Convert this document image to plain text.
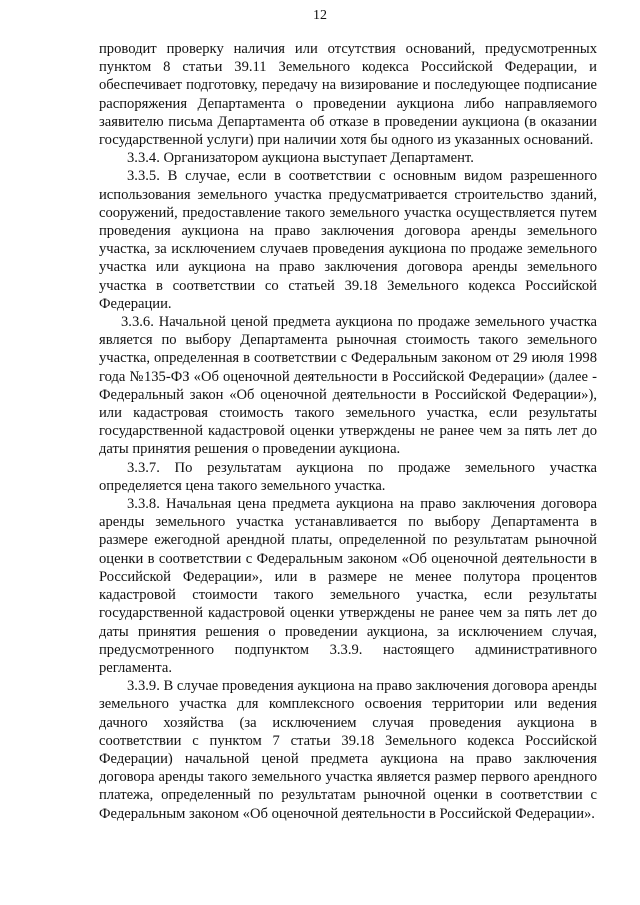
12

проводит проверку наличия или отсутствия оснований, предусмотренных пунктом 8 статьи 39.11 Земельного кодекса Российской Федерации, и обеспечивает подготовку, передачу на визирование и последующее подписание распоряжения Департамента о проведении аукциона либо направляемого заявителю письма Департамента об отказе в проведении аукциона (в оказании государственной услуги) при наличии хотя бы одного из указанных оснований.

3.3.4. Организатором аукциона выступает Департамент.

3.3.5. В случае, если в соответствии с основным видом разрешенного использования земельного участка предусматривается строительство зданий, сооружений, предоставление такого земельного участка осуществляется путем проведения аукциона на право заключения договора аренды земельного участка, за исключением случаев проведения аукциона по продаже земельного участка или аукциона на право заключения договора аренды земельного участка в соответствии со статьей 39.18 Земельного кодекса Российской Федерации.

3.3.6. Начальной ценой предмета аукциона по продаже земельного участка является по выбору Департамента рыночная стоимость такого земельного участка, определенная в соответствии с Федеральным законом от 29 июля 1998 года №135-ФЗ «Об оценочной деятельности в Российской Федерации» (далее - Федеральный закон «Об оценочной деятельности в Российской Федерации»), или кадастровая стоимость такого земельного участка, если результаты государственной кадастровой оценки утверждены не ранее чем за пять лет до даты принятия решения о проведении аукциона.

3.3.7. По результатам аукциона по продаже земельного участка определяется цена такого земельного участка.

3.3.8. Начальная цена предмета аукциона на право заключения договора аренды земельного участка устанавливается по выбору Департамента в размере ежегодной арендной платы, определенной по результатам рыночной оценки в соответствии с Федеральным законом «Об оценочной деятельности в Российской Федерации», или в размере не менее полутора процентов кадастровой стоимости такого земельного участка, если результаты государственной кадастровой оценки утверждены не ранее чем за пять лет до даты принятия решения о проведении аукциона, за исключением случая, предусмотренного подпунктом 3.3.9. настоящего административного регламента.

3.3.9. В случае проведения аукциона на право заключения договора аренды земельного участка для комплексного освоения территории или ведения дачного хозяйства (за исключением случая проведения аукциона в соответствии с пунктом 7 статьи 39.18 Земельного кодекса Российской Федерации) начальной ценой предмета аукциона на право заключения договора аренды такого земельного участка является размер первого арендного платежа, определенный по результатам рыночной оценки в соответствии с Федеральным законом «Об оценочной деятельности в Российской Федерации».
